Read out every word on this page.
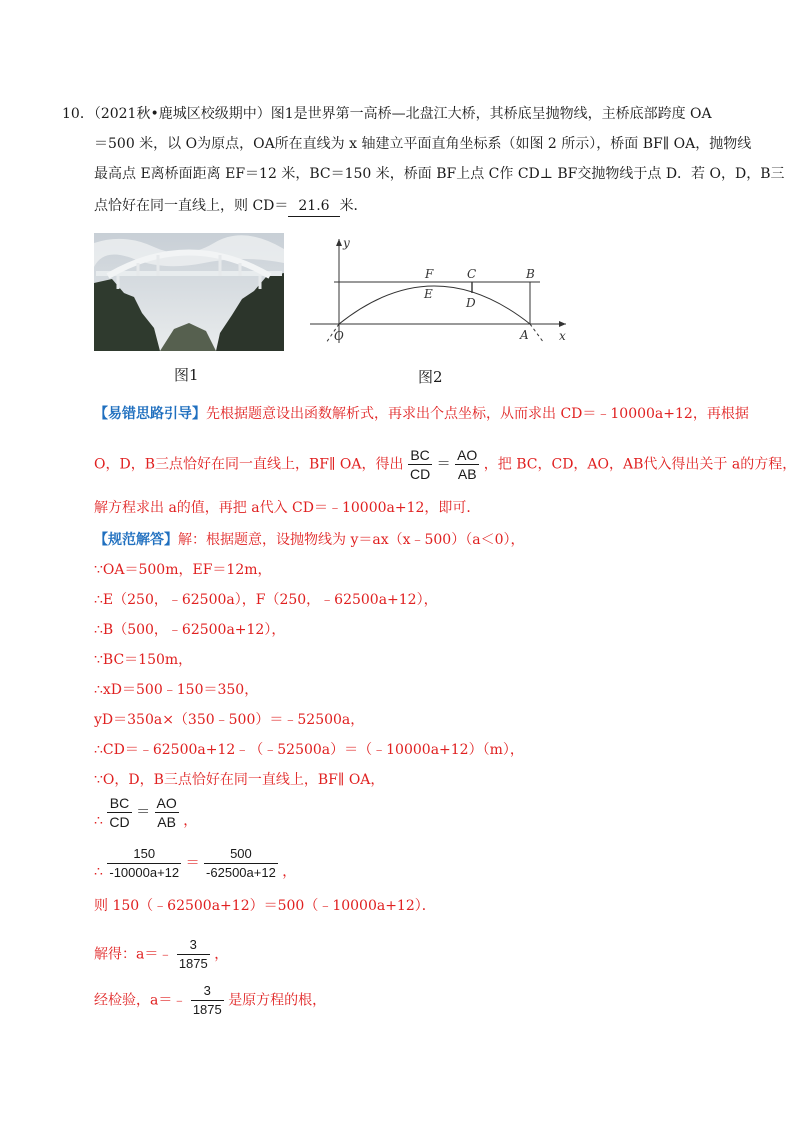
10．（2021秋•鹿城区校级期中）图1是世界第一高桥—北盘江大桥，其桥底呈抛物线，主桥底部跨度 OA
＝500 米，以 O为原点，OA所在直线为 x 轴建立平面直角坐标系（如图 2 所示），桥面 BF∥ OA，抛物线
最高点 E离桥面距离 EF＝12 米，BC＝150 米，桥面 BF上点 C作 CD⊥ BF交抛物线于点 D．若 O，D，B三
点恰好在同一直线上，则 CD＝ 21.6 米．
图1
y
x
O	A
F
E
C
D
B
图2
【易错思路引导】先根据题意设出函数解析式，再求出个点坐标，从而求出 CD＝﹣10000a+12，再根据
O，D，B三点恰好在同一直线上，BF∥ OA，得出 $\frac{BC}{CD} = \frac{AO}{AB}$ ，把 BC，CD，AO，AB代入得出关于 a的方程，
解方程求出 a的值，再把 a代入 CD＝﹣10000a+12，即可．
【规范解答】解：根据题意，设抛物线为 y＝ax（x﹣500）（a＜0），
∵OA＝500m，EF＝12m，
∴E（250，﹣62500a），F（250，﹣62500a+12），
∴B（500，﹣62500a+12），
∵BC＝150m，
∴xD＝500﹣150＝350，
yD＝350a×（350﹣500）＝﹣52500a，
∴CD＝﹣62500a+12﹣（﹣52500a）＝（﹣10000a+12）（m），
∵O，D，B三点恰好在同一直线上，BF∥ OA，
∴ $\frac{BC}{CD} = \frac{AO}{AB}$ ，
∴ $\frac{150}{-10000a+12} = \frac{500}{-62500a+12}$ ，
则 150（﹣62500a+12）＝500（﹣10000a+12）．
解得：a＝﹣ $\frac{3}{1875}$ ，
经检验，a＝﹣ $\frac{3}{1875}$ 是原方程的根，
